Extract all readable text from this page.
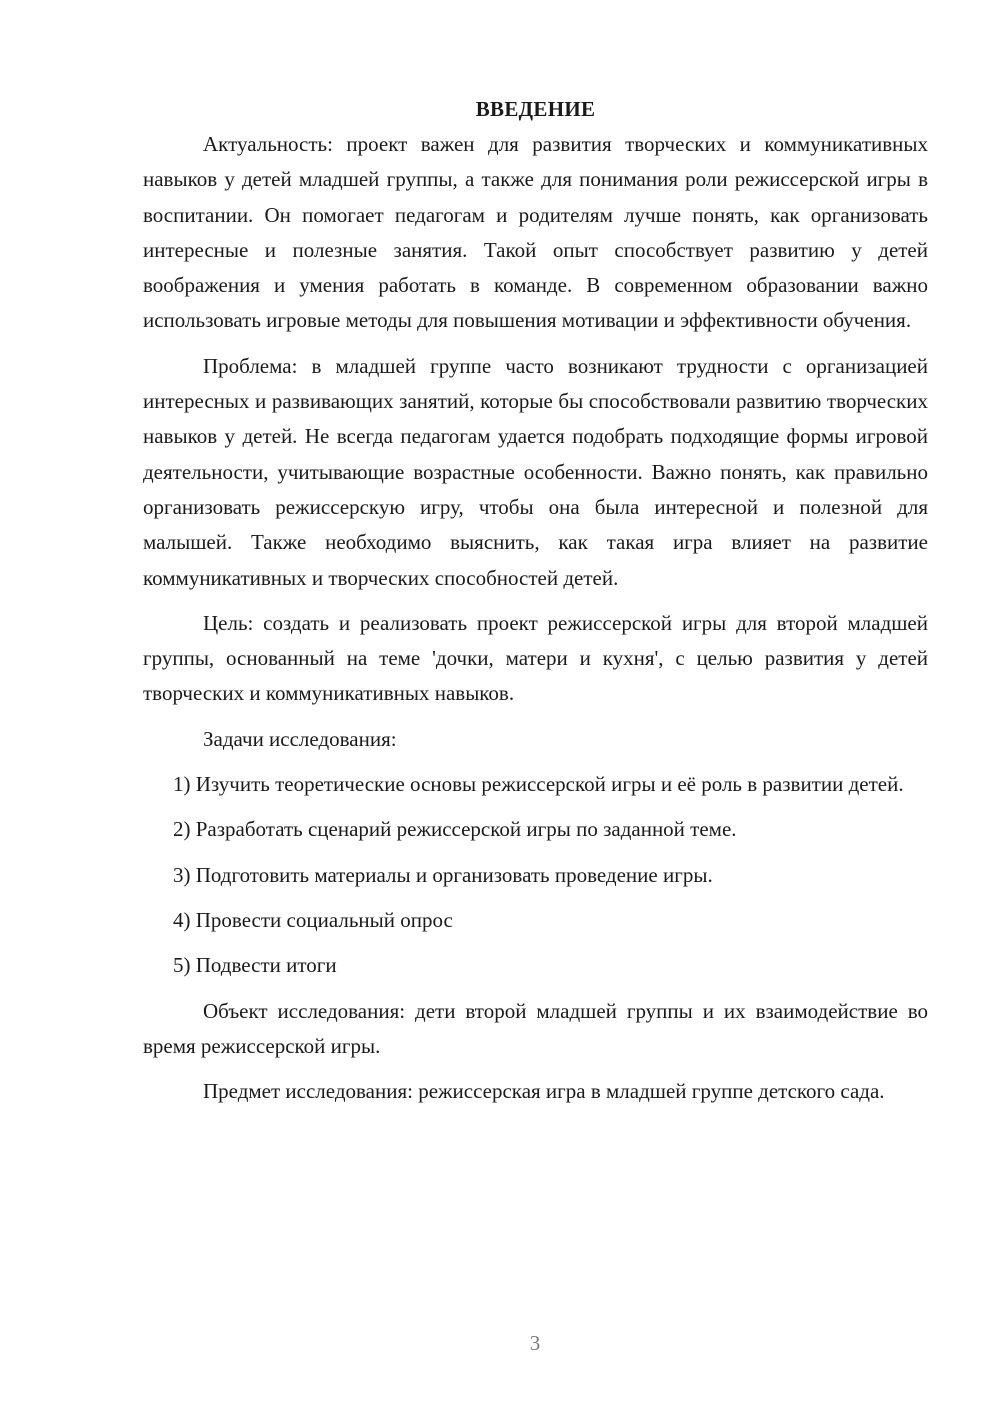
ВВЕДЕНИЕ

Актуальность: проект важен для развития творческих и коммуникативных навыков у детей младшей группы, а также для понимания роли режиссерской игры в воспитании. Он помогает педагогам и родителям лучше понять, как организовать интересные и полезные занятия. Такой опыт способствует развитию у детей воображения и умения работать в команде. В современном образовании важно использовать игровые методы для повышения мотивации и эффективности обучения.

Проблема: в младшей группе часто возникают трудности с организацией интересных и развивающих занятий, которые бы способствовали развитию творческих навыков у детей. Не всегда педагогам удается подобрать подходящие формы игровой деятельности, учитывающие возрастные особенности. Важно понять, как правильно организовать режиссерскую игру, чтобы она была интересной и полезной для малышей. Также необходимо выяснить, как такая игра влияет на развитие коммуникативных и творческих способностей детей.

Цель: создать и реализовать проект режиссерской игры для второй младшей группы, основанный на теме 'дочки, матери и кухня', с целью развития у детей творческих и коммуникативных навыков.

Задачи исследования:

1) Изучить теоретические основы режиссерской игры и её роль в развитии детей.

2) Разработать сценарий режиссерской игры по заданной теме.

3) Подготовить материалы и организовать проведение игры.

4) Провести социальный опрос

5) Подвести итоги

Объект исследования: дети второй младшей группы и их взаимодействие во время режиссерской игры.

Предмет исследования: режиссерская игра в младшей группе детского сада.

3
